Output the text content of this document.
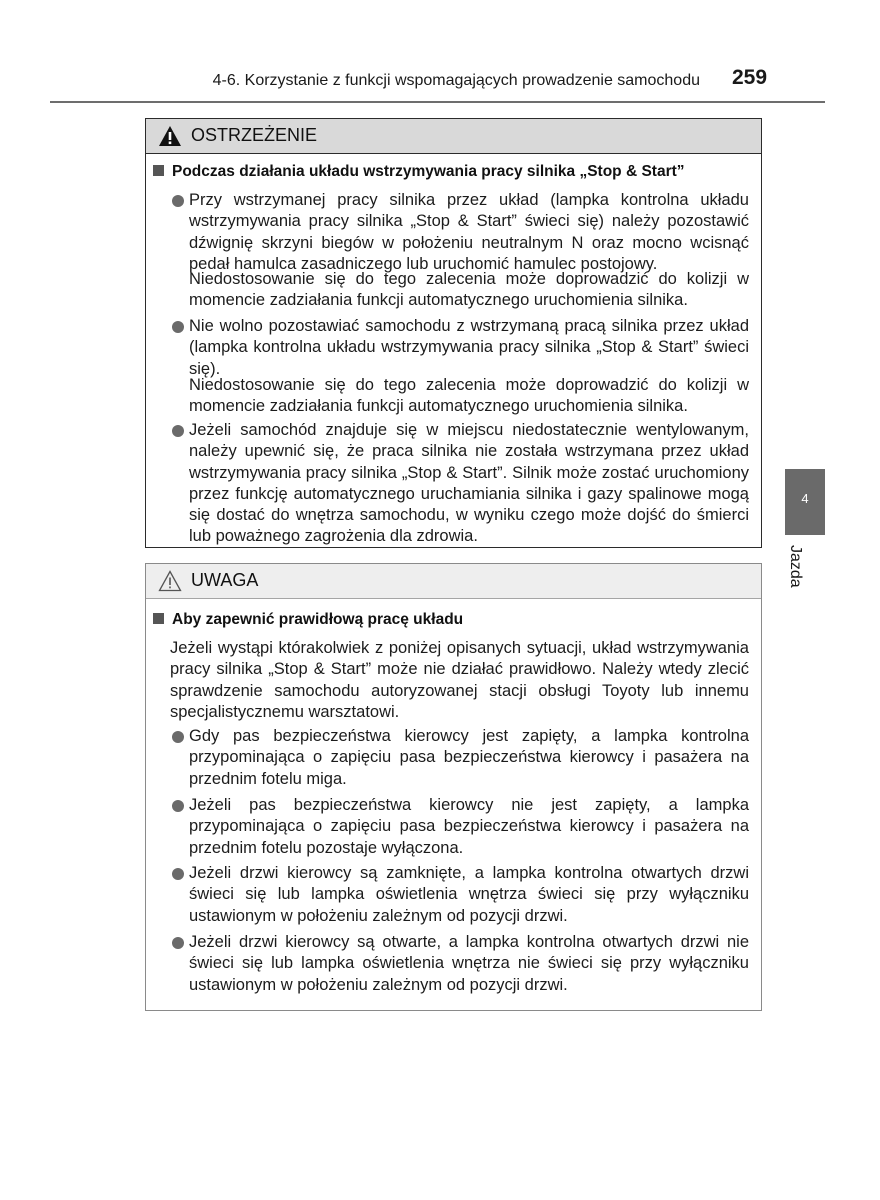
4-6. Korzystanie z funkcji wspomagających prowadzenie samochodu 259
OSTRZEŻENIE
Podczas działania układu wstrzymywania pracy silnika „Stop & Start”
Przy wstrzymanej pracy silnika przez układ (lampka kontrolna układu wstrzymywania pracy silnika „Stop & Start” świeci się) należy pozostawić dźwignię skrzyni biegów w położeniu neutralnym N oraz mocno wcisnąć pedał hamulca zasadniczego lub uruchomić hamulec postojowy.
Niedostosowanie się do tego zalecenia może doprowadzić do kolizji w momencie zadziałania funkcji automatycznego uruchomienia silnika.
Nie wolno pozostawiać samochodu z wstrzymaną pracą silnika przez układ (lampka kontrolna układu wstrzymywania pracy silnika „Stop & Start” świeci się).
Niedostosowanie się do tego zalecenia może doprowadzić do kolizji w momencie zadziałania funkcji automatycznego uruchomienia silnika.
Jeżeli samochód znajduje się w miejscu niedostatecznie wentylowanym, należy upewnić się, że praca silnika nie została wstrzymana przez układ wstrzymywania pracy silnika „Stop & Start”. Silnik może zostać uruchomiony przez funkcję automatycznego uruchamiania silnika i gazy spalinowe mogą się dostać do wnętrza samochodu, w wyniku czego może dojść do śmierci lub poważnego zagrożenia dla zdrowia.
UWAGA
Aby zapewnić prawidłową pracę układu
Jeżeli wystąpi którakolwiek z poniżej opisanych sytuacji, układ wstrzymywania pracy silnika „Stop & Start” może nie działać prawidłowo. Należy wtedy zlecić sprawdzenie samochodu autoryzowanej stacji obsługi Toyoty lub innemu specjalistycznemu warsztatowi.
Gdy pas bezpieczeństwa kierowcy jest zapięty, a lampka kontrolna przypominająca o zapięciu pasa bezpieczeństwa kierowcy i pasażera na przednim fotelu miga.
Jeżeli pas bezpieczeństwa kierowcy nie jest zapięty, a lampka przypominająca o zapięciu pasa bezpieczeństwa kierowcy i pasażera na przednim fotelu pozostaje wyłączona.
Jeżeli drzwi kierowcy są zamknięte, a lampka kontrolna otwartych drzwi świeci się lub lampka oświetlenia wnętrza świeci się przy wyłączniku ustawionym w położeniu zależnym od pozycji drzwi.
Jeżeli drzwi kierowcy są otwarte, a lampka kontrolna otwartych drzwi nie świeci się lub lampka oświetlenia wnętrza nie świeci się przy wyłączniku ustawionym w położeniu zależnym od pozycji drzwi.
4
Jazda
